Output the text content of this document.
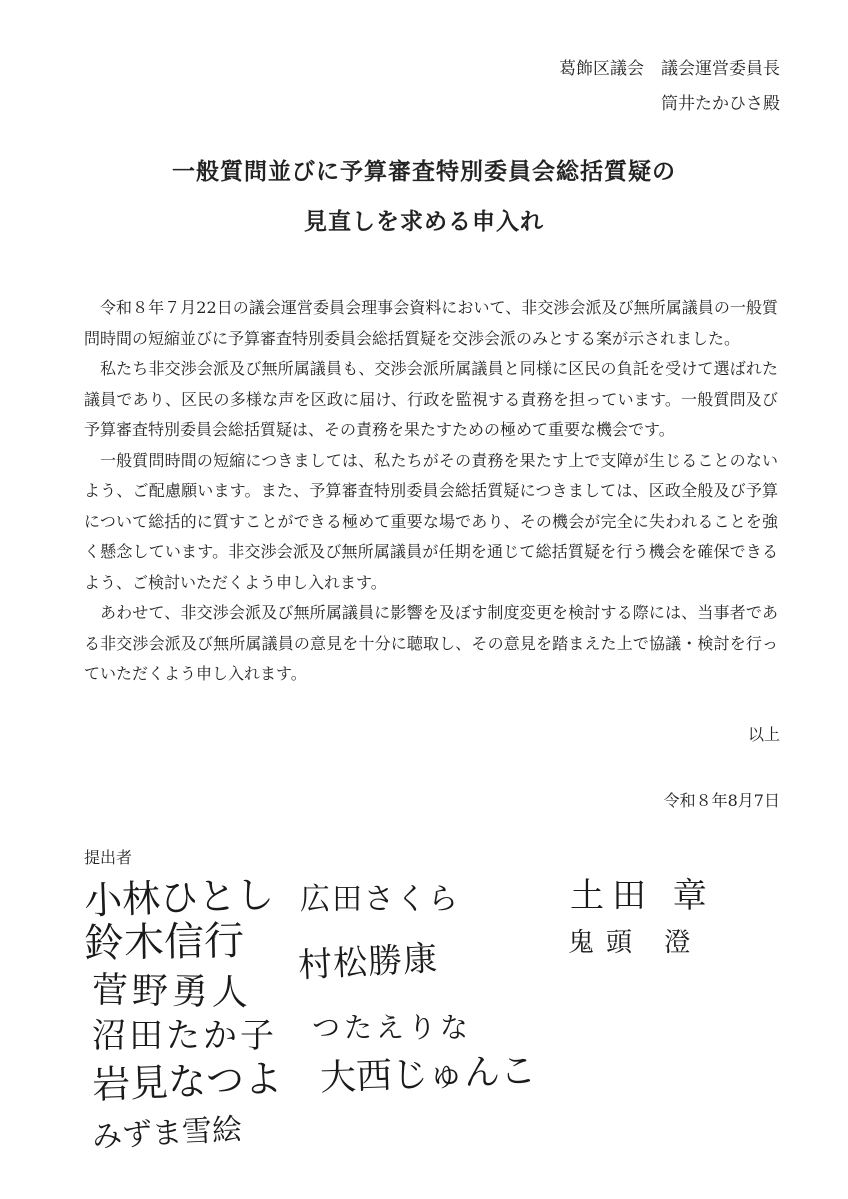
葛飾区議会　議会運営委員長
筒井たかひさ殿
一般質問並びに予算審査特別委員会総括質疑の
見直しを求める申入れ

令和８年７月22日の議会運営委員会理事会資料において、非交渉会派及び無所属議員の一般質問時間の短縮並びに予算審査特別委員会総括質疑を交渉会派のみとする案が示されました。

私たち非交渉会派及び無所属議員も、交渉会派所属議員と同様に区民の負託を受けて選ばれた議員であり、区民の多様な声を区政に届け、行政を監視する責務を担っています。一般質問及び予算審査特別委員会総括質疑は、その責務を果たすための極めて重要な機会です。

一般質問時間の短縮につきましては、私たちがその責務を果たす上で支障が生じることのないよう、ご配慮願います。また、予算審査特別委員会総括質疑につきましては、区政全般及び予算について総括的に質すことができる極めて重要な場であり、その機会が完全に失われることを強く懸念しています。非交渉会派及び無所属議員が任期を通じて総括質疑を行う機会を確保できるよう、ご検討いただくよう申し入れます。

あわせて、非交渉会派及び無所属議員に影響を及ぼす制度変更を検討する際には、当事者である非交渉会派及び無所属議員の意見を十分に聴取し、その意見を踏まえた上で協議・検討を行っていただくよう申し入れます。

以上
令和８年8月7日
提出者
小林ひとし
鈴木信行
菅野勇人
沼田たか子
岩見なつよ
みずま雪絵
広田さくら
村松勝康
つたえりな
大西じゅんこ
土田 章
鬼頭 澄
